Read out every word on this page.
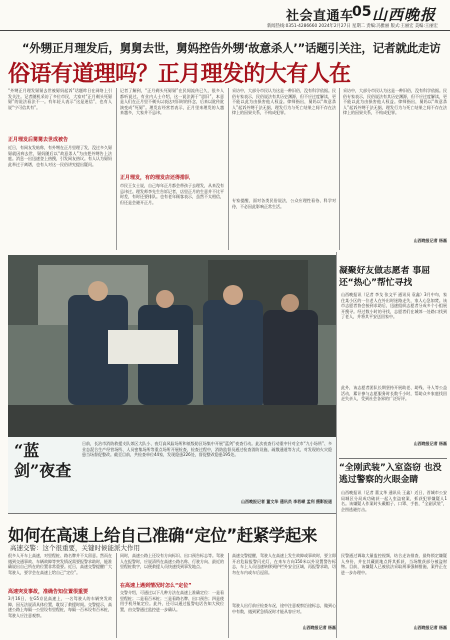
社会直通车
05 山西晚报
新闻热线:0351-4286660 2024年2月27日 星期二 责编:冯雅丽 版式:王丽宏 美编:王丽宏
“外甥正月理发后，舅舅去世，舅妈控告外甥‘故意杀人’”话题引关注，记者就此走访
俗语有道理吗？正月理发的大有人在
“外甥正月理发舅舅去世被舅妈起诉”话题昨日在网络上引发关注。记者随机采访了多位市民，大家对“正月剃头死舅舅”的说法看法不一。有年轻人表示“这是迷信”，也有人说“宁可信其有”。
正月理发后舅舅去世成被告
近日，有网友发帖称，有外甥在正月里理了发，没过多久舅舅就因病去世，舅妈随后以“故意杀人”为由把外甥告上法庭。消息一出迅速登上热搜，引发网友热议。有人认为舅妈此举过于离谱，也有人对这一民俗讲究提出疑问。
记者了解到，“正月剃头死舅舅”在民间流传已久，很多人都听说过。有业内人士介绍，这一说法源于“思旧”，本意是人们在正月里不剃头以表达对旧时的怀念，后来以讹传讹演变成“死舅”。理发店经营者表示，正月里来理发的人越来越多，大家并不忌讳。
正月理发，有的理发店还得排队
市民王女士说，自己每年正月都会带孩子去理发，从来没有忌讳过。理发师李先生告诉记者，店里正月的生意并不比平时差，有时还要排队。也有老年顾客表示，虽然不太相信，但还是会避开正月。
采访中，大部分市民认为这是一种旧俗，没有科学依据。民俗专家表示，民俗说法有其历史渊源，但不应过度解读，更不能以此为由损害他人权益。律师指出，舅妈以“故意杀人”起诉外甥于法无据，理发行为与死亡结果之间不存在法律上的因果关系，不构成犯罪。
专家提醒，面对各类民俗说法，公众应理性看待、科学对待，不必因此影响正常生活。
采访中，大部分市民认为这是一种旧俗，没有科学依据。民俗专家表示，民俗说法有其历史渊源，但不应过度解读，更不能以此为由损害他人权益。律师指出，舅妈以“故意杀人”起诉外甥于法无据，理发行为与死亡结果之间不存在法律上的因果关系，不构成犯罪。
山西晚报记者 杨磊
“蓝剑”夜查
日前，长治市消防救援支队郊区大队小、夜灯高风险场所和低级防区场集中开展“蓝剑”夜查行动。此次夜查行动重中针对全市“九小场所”、多业态混合生产经营场所、人员密集场所等重点场所开展检查，检查过程中，消防监督员通过检查消防设施、疏散通道等方式，对发现的火灾隐患当场督促整改。截至目前，共检查单位44家，发现隐患226处，督促整改隐患195处。
山西晚报记者 董文华 通讯员 李若嵘 孟利 摄影报道
如何在高速上给自己准确“定位”赶紧学起来
高速交警：这个很重要，关键时候能派大作用
很多人开车上高速，对里程桩、路名牌并不太留意。然而在遇到交通事故、车辆故障等突发情况需要报警求助时，能准确说出自己所在的位置非常重要。近日，高速交警提醒广大驾驶人，要学会在高速上给自己“定位”。
高速突发事故，准确告知位置很重要
3月16日，在G5京昆高速上，一名驾驶人的车辆突发故障，因无法说清具体位置，耽误了救援时间。交警提示，高速公路上每隔一公里设有里程桩，每隔一百米设有百米桩，驾驶人应注意观察。
同时，高速公路上还设有方向标识、出口预告标志等。驾驶人在报警时，应说清所在高速公路名称、行驶方向、最近的里程桩数字，以便救援人员快速找到事发地点。
在高速上遇到情况时怎么“定位”
交警介绍，可通过以下几种方法在高速上准确定位：一是看里程桩；二是看百米桩；三是看路名牌、出口预告；四是使用手机导航定位。此外，还可以通过报警电话告知大致位置，由交警通过监控进一步确认。
高速交警提醒，驾驶人在高速上发生故障或事故时，要立即开启危险报警闪光灯，在来车方向150米以外设置警告标志，车上人员迅速转移到护栏外安全区域，再报警求助，切勿在车内或车后逗留。
驾驶人出行前应检查车况，途中注意观察沿途标志，做到心中有数，遇到紧急情况时才能从容应对。
山西晚报记者 杨磊
凝聚好友做志愿者 事屈还“热心”帮忙寻找
山西晚报讯（记者 李戈 张文平 通讯员 袁鑫）3月中旬，家住某小区的一位老人在外出时迷路走失，家人心急如焚。该市志愿者协会接到求助后，迅速组织志愿者分成多个小组展开搜寻。经过数小时的寻找，志愿者们在城郊一处路口找到了老人，并将其平安送回家中。
此外，该志愿者团队长期坚持开展助老、助残、寻人等公益活动，累计参与志愿服务时长数千小时，帮助众多家庭找回走失亲人，受到社会各界的广泛好评。
山西晚报记者 杨磊
“全刚武装”入室盗窃 也没逃过警察的火眼金睛
山西晚报讯（记者 董文华 通讯员 王鑫）近日，晋城市公安局城区分局成功破获一起入室盗窃案，抓获犯罪嫌疑人1名。该嫌疑人作案时头戴帽子、口罩、手套，“全副武装”，企图逃避打击。
民警通过调取大量监控视频，结合走访排查，最终锁定嫌疑人身份，并在其藏匿地点将其抓获，当场缴获部分被盗财物。目前，该嫌疑人已被依法采取刑事强制措施，案件正在进一步办理中。
山西晚报记者 杨磊
